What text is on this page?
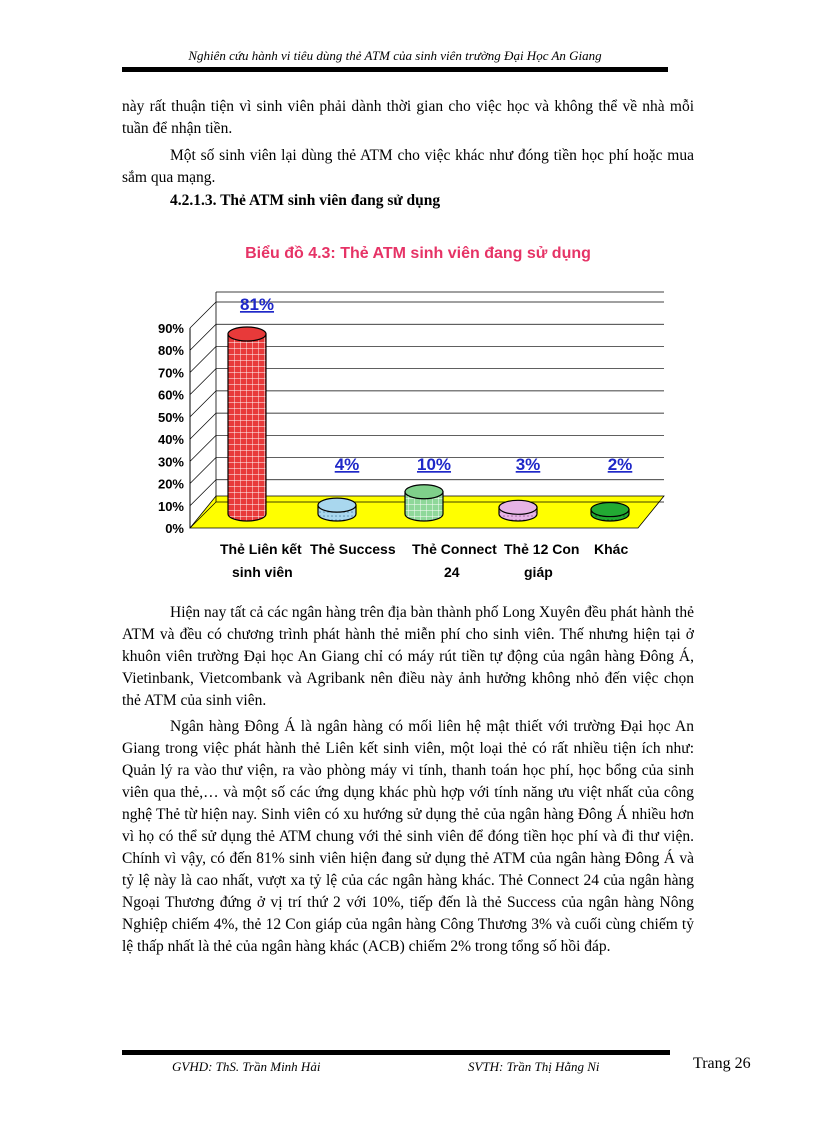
Nghiên cứu hành vi tiêu dùng thẻ ATM của sinh viên trường Đại Học An Giang

này rất thuận tiện vì sinh viên phải dành thời gian cho việc học và không thể về nhà mỗi tuần để nhận tiền.

Một số sinh viên lại dùng thẻ ATM cho việc khác như đóng tiền học phí hoặc mua sắm qua mạng.

4.2.1.3. Thẻ ATM sinh viên đang sử dụng
Biểu đồ 4.3: Thẻ ATM sinh viên đang sử dụng
0%
10%
20%
30%
40%
50%
60%
70%
80%
90%
81%
4%	10%	3%	2%
Thẻ Liên kết
sinh viên
Thẻ Success Thẻ Connect
24
Thẻ 12 Con
giáp
Khác

Hiện nay tất cả các ngân hàng trên địa bàn thành phố Long Xuyên đều phát hành thẻ ATM và đều có chương trình phát hành thẻ miễn phí cho sinh viên. Thế nhưng hiện tại ở khuôn viên trường Đại học An Giang chỉ có máy rút tiền tự động của ngân hàng Đông Á, Vietinbank, Vietcombank và Agribank nên điều này ảnh hưởng không nhỏ đến việc chọn thẻ ATM của sinh viên.

Ngân hàng Đông Á là ngân hàng có mối liên hệ mật thiết với trường Đại học An Giang trong việc phát hành thẻ Liên kết sinh viên, một loại thẻ có rất nhiều tiện ích như: Quản lý ra vào thư viện, ra vào phòng máy vi tính, thanh toán học phí, học bổng của sinh viên qua thẻ,… và một số các ứng dụng khác phù hợp với tính năng ưu việt nhất của công nghệ Thẻ từ hiện nay. Sinh viên có xu hướng sử dụng thẻ của ngân hàng Đông Á nhiều hơn vì họ có thể sử dụng thẻ ATM chung với thẻ sinh viên để đóng tiền học phí và đi thư viện. Chính vì vậy, có đến 81% sinh viên hiện đang sử dụng thẻ ATM của ngân hàng Đông Á và tỷ lệ này là cao nhất, vượt xa tỷ lệ của các ngân hàng khác. Thẻ Connect 24 của ngân hàng Ngoại Thương đứng ở vị trí thứ 2 với 10%, tiếp đến là thẻ Success của ngân hàng Nông Nghiệp chiếm 4%, thẻ 12 Con giáp của ngân hàng Công Thương 3% và cuối cùng chiếm tỷ lệ thấp nhất là thẻ của ngân hàng khác (ACB) chiếm 2% trong tổng số hồi đáp.

GVHD: ThS. Trần Minh Hải	SVTH: Trần Thị Hằng Ni	Trang 26
